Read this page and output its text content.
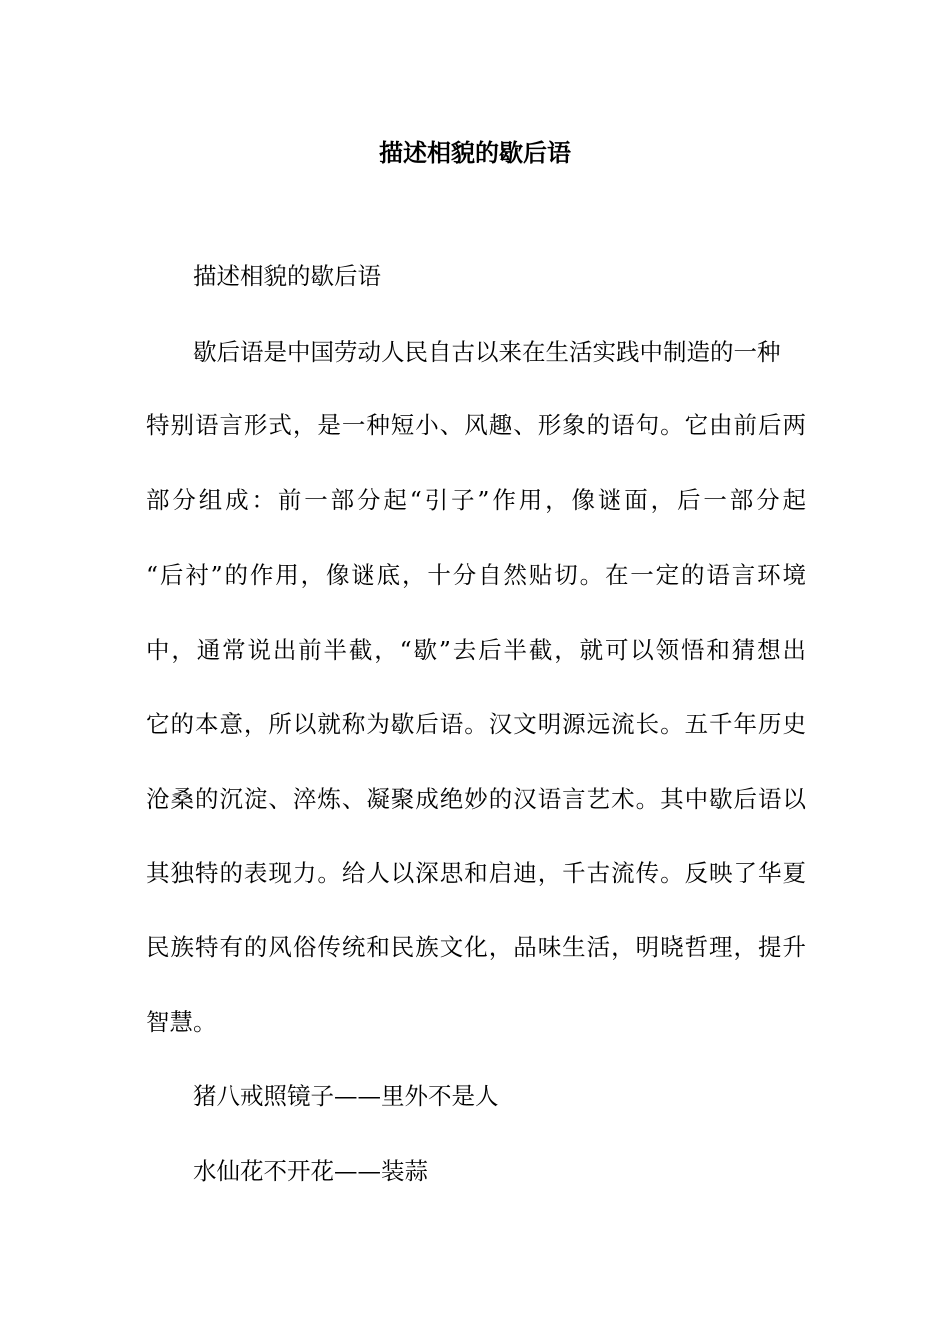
描述相貌的歇后语
描述相貌的歇后语
歇后语是中国劳动人民自古以来在生活实践中制造的一种
特别语言形式，是一种短小、风趣、形象的语句。它由前后两
部分组成：前一部分起“引子”作用，像谜面，后一部分起
“后衬”的作用，像谜底，十分自然贴切。在一定的语言环境
中，通常说出前半截，“歇”去后半截，就可以领悟和猜想出
它的本意，所以就称为歇后语。汉文明源远流长。五千年历史
沧桑的沉淀、淬炼、凝聚成绝妙的汉语言艺术。其中歇后语以
其独特的表现力。给人以深思和启迪，千古流传。反映了华夏
民族特有的风俗传统和民族文化，品味生活，明晓哲理，提升
智慧。
猪八戒照镜子——里外不是人
水仙花不开花——装蒜
